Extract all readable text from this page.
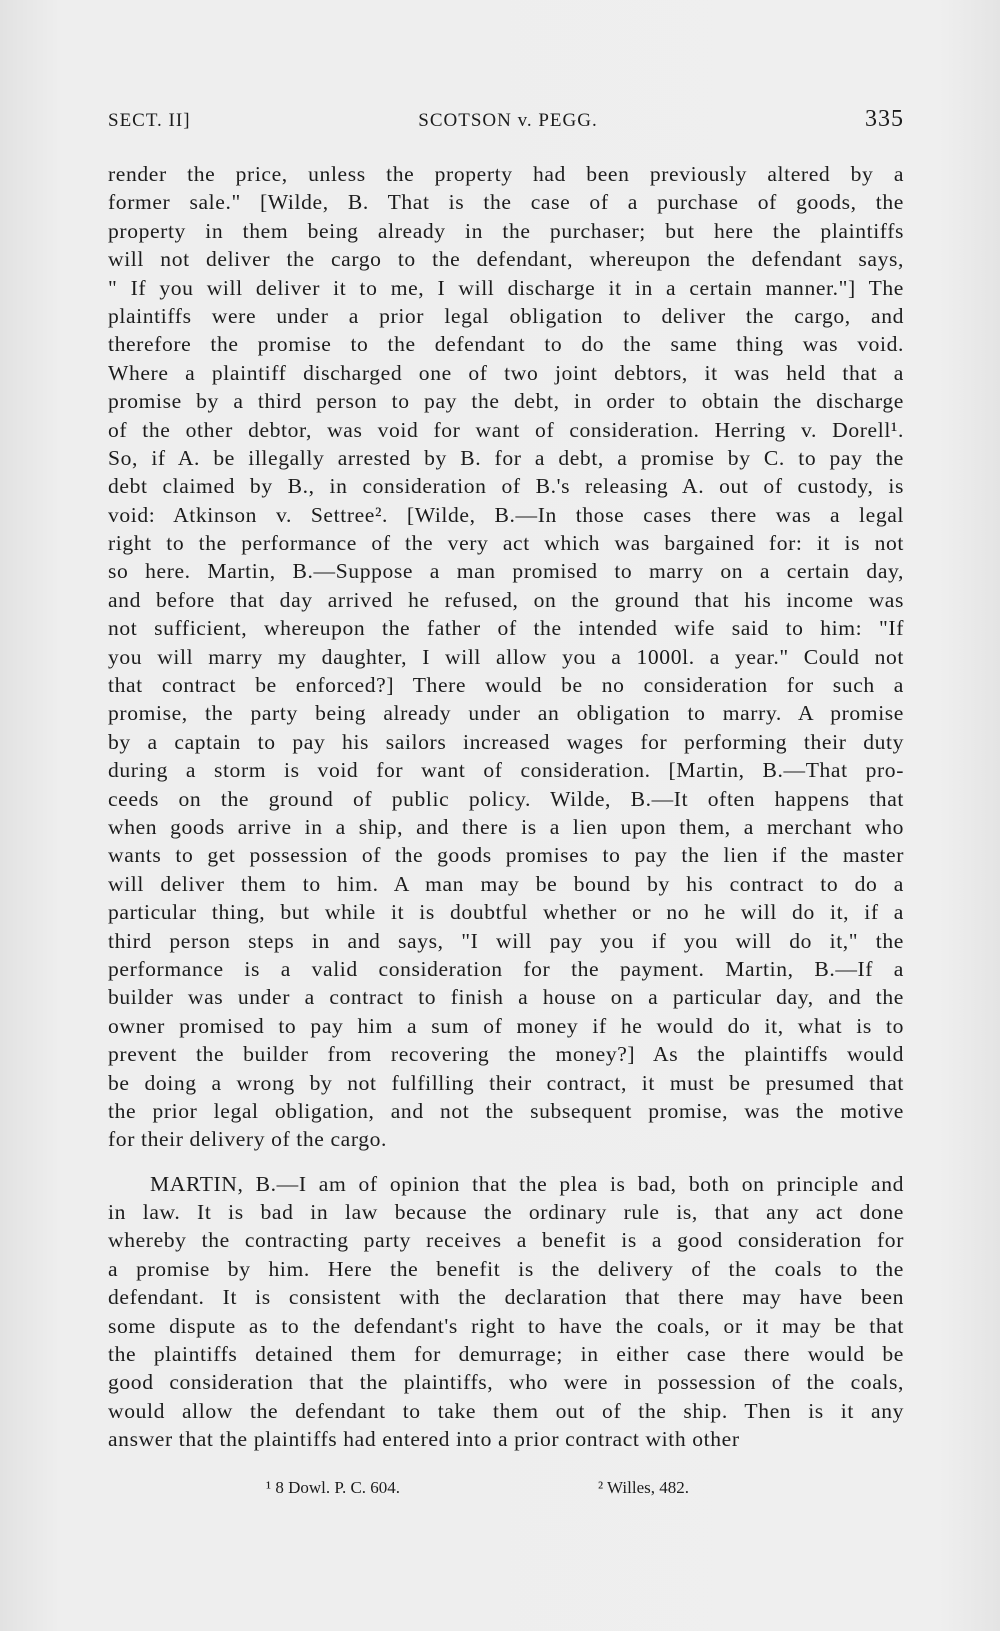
SECT. II]	SCOTSON v. PEGG.	335
render the price, unless the property had been previously altered by a
former sale." [Wilde, B. That is the case of a purchase of goods, the
property in them being already in the purchaser; but here the plaintiffs
will not deliver the cargo to the defendant, whereupon the defendant says,
" If you will deliver it to me, I will discharge it in a certain manner."] The
plaintiffs were under a prior legal obligation to deliver the cargo, and
therefore the promise to the defendant to do the same thing was void.
Where a plaintiff discharged one of two joint debtors, it was held that a
promise by a third person to pay the debt, in order to obtain the discharge
of the other debtor, was void for want of consideration. Herring v. Dorell¹.
So, if A. be illegally arrested by B. for a debt, a promise by C. to pay the
debt claimed by B., in consideration of B.'s releasing A. out of custody, is
void: Atkinson v. Settree². [Wilde, B.—In those cases there was a legal
right to the performance of the very act which was bargained for: it is not
so here. Martin, B.—Suppose a man promised to marry on a certain day,
and before that day arrived he refused, on the ground that his income was
not sufficient, whereupon the father of the intended wife said to him: "If
you will marry my daughter, I will allow you a 1000l. a year." Could not
that contract be enforced?] There would be no consideration for such a
promise, the party being already under an obligation to marry. A promise
by a captain to pay his sailors increased wages for performing their duty
during a storm is void for want of consideration. [Martin, B.—That pro-
ceeds on the ground of public policy. Wilde, B.—It often happens that
when goods arrive in a ship, and there is a lien upon them, a merchant who
wants to get possession of the goods promises to pay the lien if the master
will deliver them to him. A man may be bound by his contract to do a
particular thing, but while it is doubtful whether or no he will do it, if a
third person steps in and says, "I will pay you if you will do it," the
performance is a valid consideration for the payment. Martin, B.—If a
builder was under a contract to finish a house on a particular day, and the
owner promised to pay him a sum of money if he would do it, what is to
prevent the builder from recovering the money?] As the plaintiffs would
be doing a wrong by not fulfilling their contract, it must be presumed that
the prior legal obligation, and not the subsequent promise, was the motive
for their delivery of the cargo.
MARTIN, B.—I am of opinion that the plea is bad, both on principle and
in law. It is bad in law because the ordinary rule is, that any act done
whereby the contracting party receives a benefit is a good consideration for
a promise by him. Here the benefit is the delivery of the coals to the
defendant. It is consistent with the declaration that there may have been
some dispute as to the defendant's right to have the coals, or it may be that
the plaintiffs detained them for demurrage; in either case there would be
good consideration that the plaintiffs, who were in possession of the coals,
would allow the defendant to take them out of the ship. Then is it any
answer that the plaintiffs had entered into a prior contract with other
¹ 8 Dowl. P. C. 604.	² Willes, 482.
